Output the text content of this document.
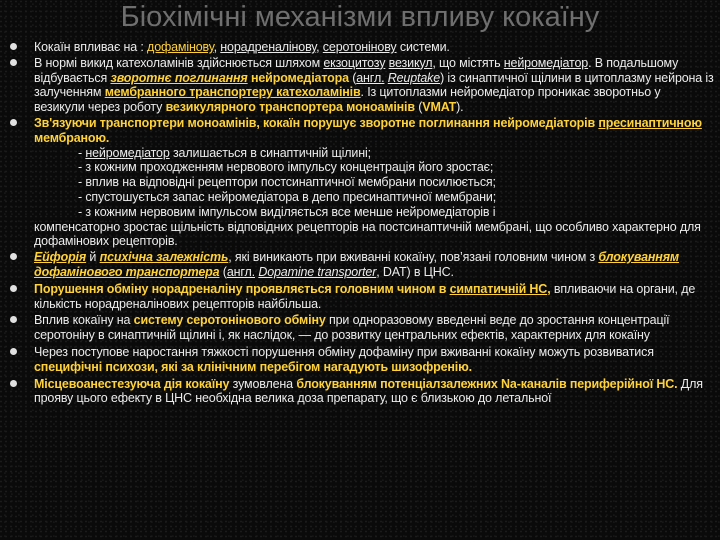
Біохімічні механізми впливу кокаїну

Кокаїн впливає на : дофамінову, норадреналінову, серотонінову системи.

В нормі викид катехоламінів здійснюється шляхом екзоцитозу везикул, що містять нейромедіатор. В подальшому відбувається зворотнє поглинання нейромедіатора (англ. Reuptake) із синаптичної щілини в цитоплазму нейрона із залученням мембранного транспортеру катехоламінів. Із цитоплазми нейромедіатор проникає зворотньо у везикули через роботу везикулярного транспортера моноамінів (VMAT).

Зв'язуючи транспортери моноамінів, кокаїн порушує зворотне поглинання нейромедіаторів пресинаптичною мембраною.
- нейромедіатор залишається в синаптичній щілині;
- з кожним проходженням нервового імпульсу концентрація його зростає;
- вплив на відповідні рецептори постсинаптичної мембрани посилюється;
- спустошується запас нейромедіатора в депо пресинаптичної мембрани;
- з кожним нервовим імпульсом виділяється все менше нейромедіаторів і
компенсаторно зростає щільність відповідних рецепторів на постсинаптичній мембрані, що особливо характерно для дофамінових рецепторів.

Ейфорія й психічна залежність, які виникають при вживанні кокаїну, пов’язані головним чином з блокуванням дофамінового транспортера (англ. Dopamine transporter, DAT) в ЦНС.

Порушення обміну норадреналіну проявляється головним чином в симпатичній НС, впливаючи на органи, де кількість норадреналінових рецепторів найбільша.

Вплив кокаїну на систему серотонінового обміну при одноразовому введенні веде до зростання концентрації серотоніну в синаптичній щілині і, як наслідок, — до розвитку центральних ефектів, характерних для кокаїну

Через поступове наростання тяжкості порушення обміну дофаміну при вживанні кокаїну можуть розвиватися специфічні психози, які за клінічним перебігом нагадують шизофренію.

Місцевоанестезуюча дія кокаїну зумовлена блокуванням потенціалзалежних Na-каналів периферійної НС. Для прояву цього ефекту в ЦНС необхідна велика доза препарату, що є близькою до летальної
